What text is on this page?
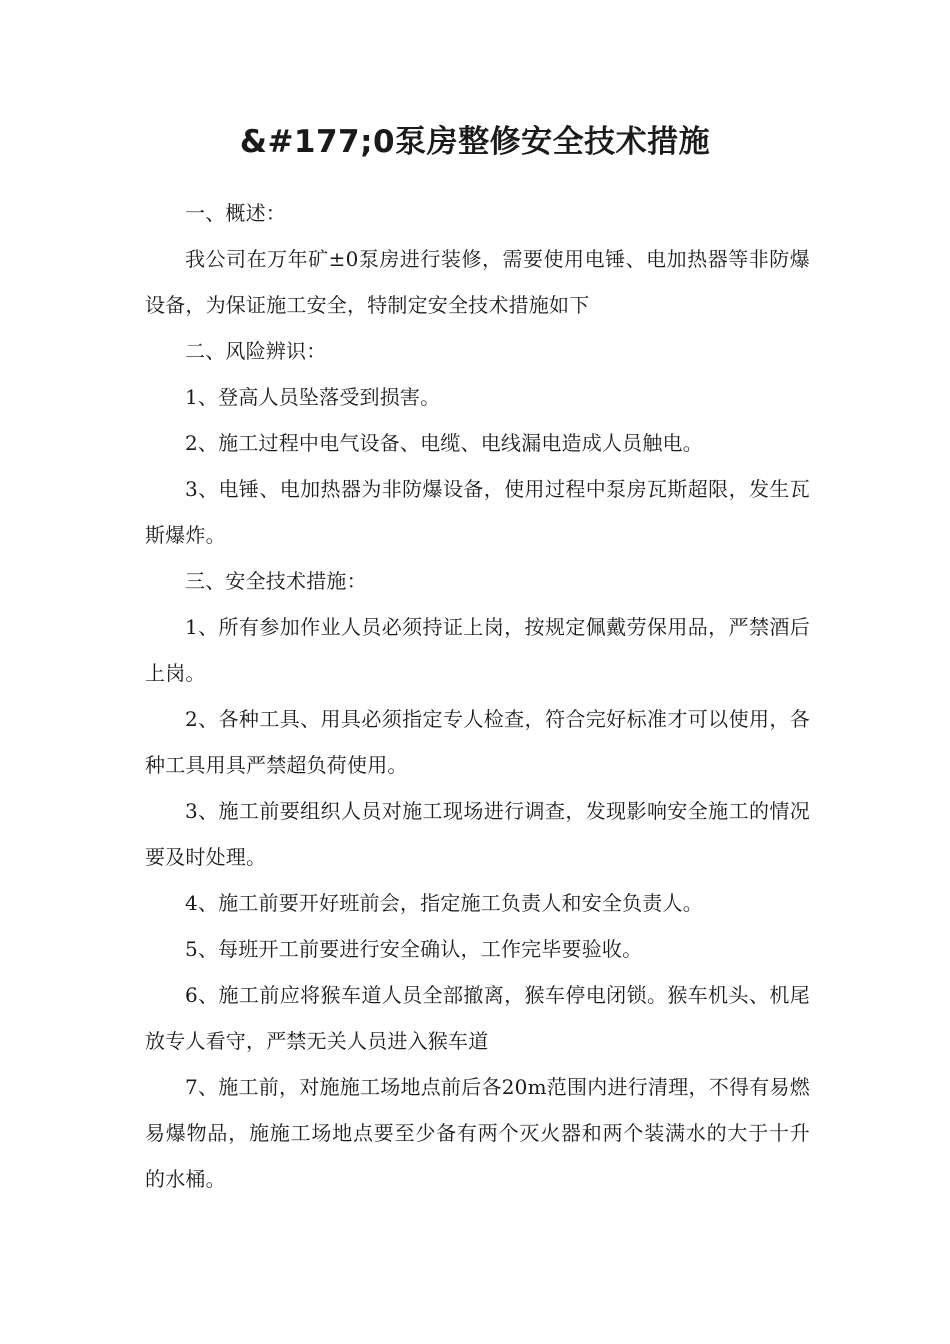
&#177;0泵房整修安全技术措施

一、概述：

我公司在万年矿±0泵房进行装修，需要使用电锤、电加热器等非防爆设备，为保证施工安全，特制定安全技术措施如下

二、风险辨识：

1、登高人员坠落受到损害。

2、施工过程中电气设备、电缆、电线漏电造成人员触电。

3、电锤、电加热器为非防爆设备，使用过程中泵房瓦斯超限，发生瓦斯爆炸。

三、安全技术措施：

1、所有参加作业人员必须持证上岗，按规定佩戴劳保用品，严禁酒后上岗。

2、各种工具、用具必须指定专人检查，符合完好标准才可以使用，各种工具用具严禁超负荷使用。

3、施工前要组织人员对施工现场进行调查，发现影响安全施工的情况要及时处理。

4、施工前要开好班前会，指定施工负责人和安全负责人。

5、每班开工前要进行安全确认，工作完毕要验收。

6、施工前应将猴车道人员全部撤离，猴车停电闭锁。猴车机头、机尾放专人看守，严禁无关人员进入猴车道

7、施工前，对施施工场地点前后各20m范围内进行清理，不得有易燃易爆物品，施施工场地点要至少备有两个灭火器和两个装满水的大于十升的水桶。
